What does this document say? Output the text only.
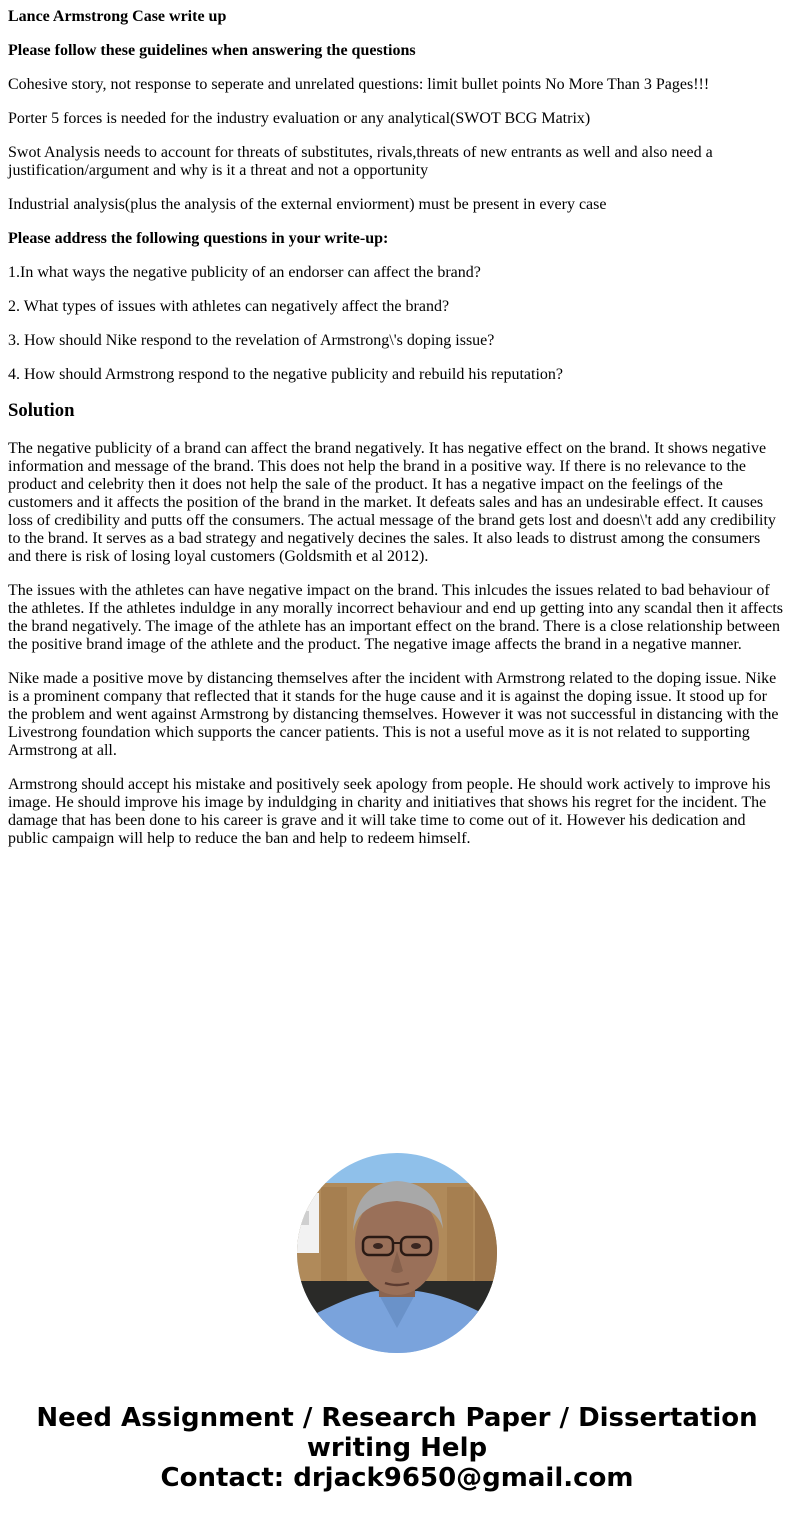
Lance Armstrong Case write up

Please follow these guidelines when answering the questions

Cohesive story, not response to seperate and unrelated questions: limit bullet points No More Than 3 Pages!!!

Porter 5 forces is needed for the industry evaluation or any analytical(SWOT BCG Matrix)

Swot Analysis needs to account for threats of substitutes, rivals,threats of new entrants as well and also need a justification/argument and why is it a threat and not a opportunity

Industrial analysis(plus the analysis of the external enviorment) must be present in every case

Please address the following questions in your write-up:

1.In what ways the negative publicity of an endorser can affect the brand?

2. What types of issues with athletes can negatively affect the brand?

3. How should Nike respond to the revelation of Armstrong\'s doping issue?

4. How should Armstrong respond to the negative publicity and rebuild his reputation?

Solution

The negative publicity of a brand can affect the brand negatively. It has negative effect on the brand. It shows negative information and message of the brand. This does not help the brand in a positive way. If there is no relevance to the product and celebrity then it does not help the sale of the product. It has a negative impact on the feelings of the customers and it affects the position of the brand in the market. It defeats sales and has an undesirable effect. It causes loss of credibility and putts off the consumers. The actual message of the brand gets lost and doesn\'t add any credibility to the brand. It serves as a bad strategy and negatively decines the sales. It also leads to distrust among the consumers and there is risk of losing loyal customers (Goldsmith et al 2012).

The issues with the athletes can have negative impact on the brand. This inlcudes the issues related to bad behaviour of the athletes. If the athletes induldge in any morally incorrect behaviour and end up getting into any scandal then it affects the brand negatively. The image of the athlete has an important effect on the brand. There is a close relationship between the positive brand image of the athlete and the product. The negative image affects the brand in a negative manner.

Nike made a positive move by distancing themselves after the incident with Armstrong related to the doping issue. Nike is a prominent company that reflected that it stands for the huge cause and it is against the doping issue. It stood up for the problem and went against Armstrong by distancing themselves. However it was not successful in distancing with the Livestrong foundation which supports the cancer patients. This is not a useful move as it is not related to supporting Armstrong at all.

Armstrong should accept his mistake and positively seek apology from people. He should work actively to improve his image. He should improve his image by induldging in charity and initiatives that shows his regret for the incident. The damage that has been done to his career is grave and it will take time to come out of it. However his dedication and public campaign will help to reduce the ban and help to redeem himself.

Need Assignment / Research Paper / Dissertation
writing Help
Contact: drjack9650@gmail.com
